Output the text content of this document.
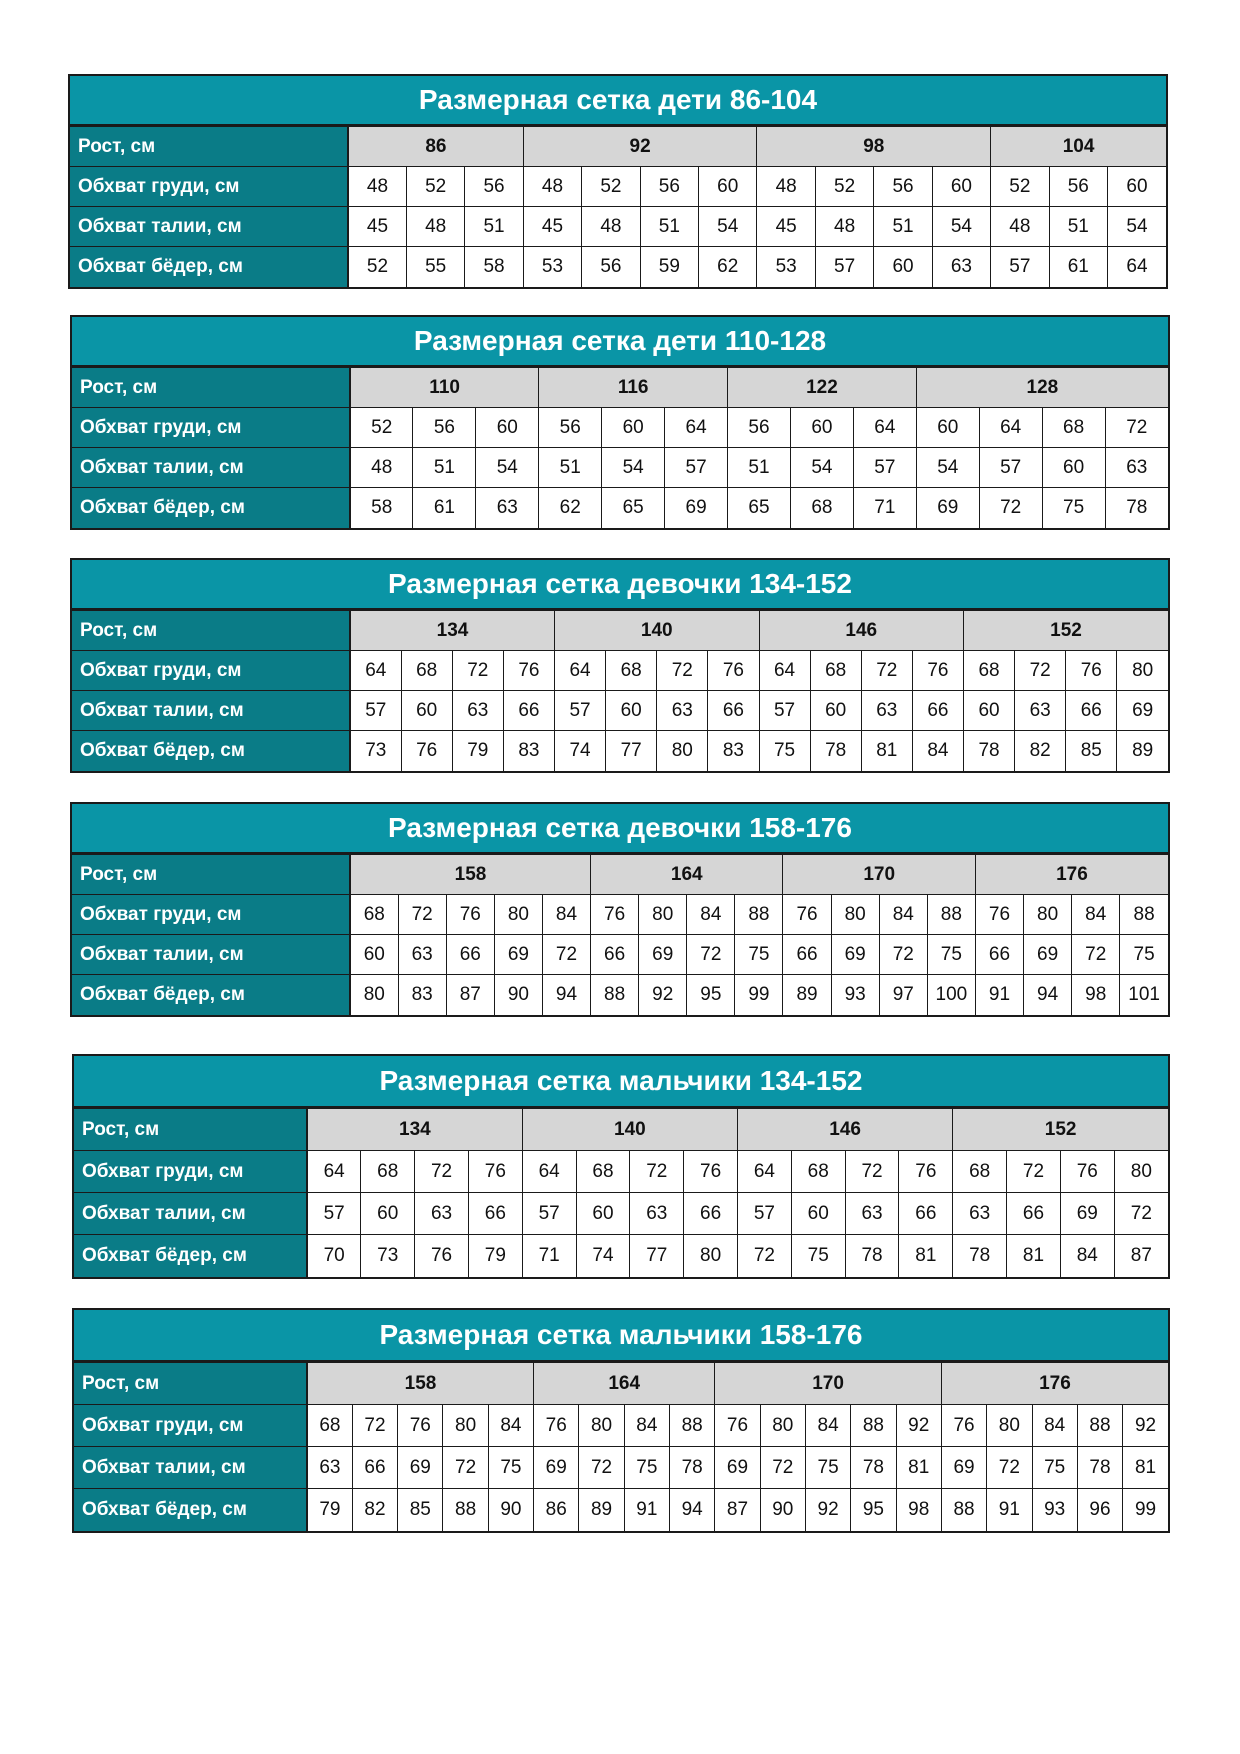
Размерная сетка дети 86-104
Рост, см	86			92				98				104		
Обхват груди, см	48	52	56	48	52	56	60	48	52	56	60	52	56	60
Обхват талии, см	45	48	51	45	48	51	54	45	48	51	54	48	51	54
Обхват бёдер, см	52	55	58	53	56	59	62	53	57	60	63	57	61	64
Размерная сетка дети 110-128
Рост, см	110			116			122			128			
Обхват груди, см	52	56	60	56	60	64	56	60	64	60	64	68	72
Обхват талии, см	48	51	54	51	54	57	51	54	57	54	57	60	63
Обхват бёдер, см	58	61	63	62	65	69	65	68	71	69	72	75	78
Размерная сетка девочки 134-152
Рост, см	134				140				146				152			
Обхват груди, см	64	68	72	76	64	68	72	76	64	68	72	76	68	72	76	80
Обхват талии, см	57	60	63	66	57	60	63	66	57	60	63	66	60	63	66	69
Обхват бёдер, см	73	76	79	83	74	77	80	83	75	78	81	84	78	82	85	89
Размерная сетка девочки 158-176
Рост, см	158					164				170				176			
Обхват груди, см	68	72	76	80	84	76	80	84	88	76	80	84	88	76	80	84	88
Обхват талии, см	60	63	66	69	72	66	69	72	75	66	69	72	75	66	69	72	75
Обхват бёдер, см	80	83	87	90	94	88	92	95	99	89	93	97	100	91	94	98	101
Размерная сетка мальчики 134-152
Рост, см	134				140				146				152			
Обхват груди, см	64	68	72	76	64	68	72	76	64	68	72	76	68	72	76	80
Обхват талии, см	57	60	63	66	57	60	63	66	57	60	63	66	63	66	69	72
Обхват бёдер, см	70	73	76	79	71	74	77	80	72	75	78	81	78	81	84	87
Размерная сетка мальчики 158-176
Рост, см	158					164				170					176				
Обхват груди, см	68	72	76	80	84	76	80	84	88	76	80	84	88	92	76	80	84	88	92
Обхват талии, см	63	66	69	72	75	69	72	75	78	69	72	75	78	81	69	72	75	78	81
Обхват бёдер, см	79	82	85	88	90	86	89	91	94	87	90	92	95	98	88	91	93	96	99
